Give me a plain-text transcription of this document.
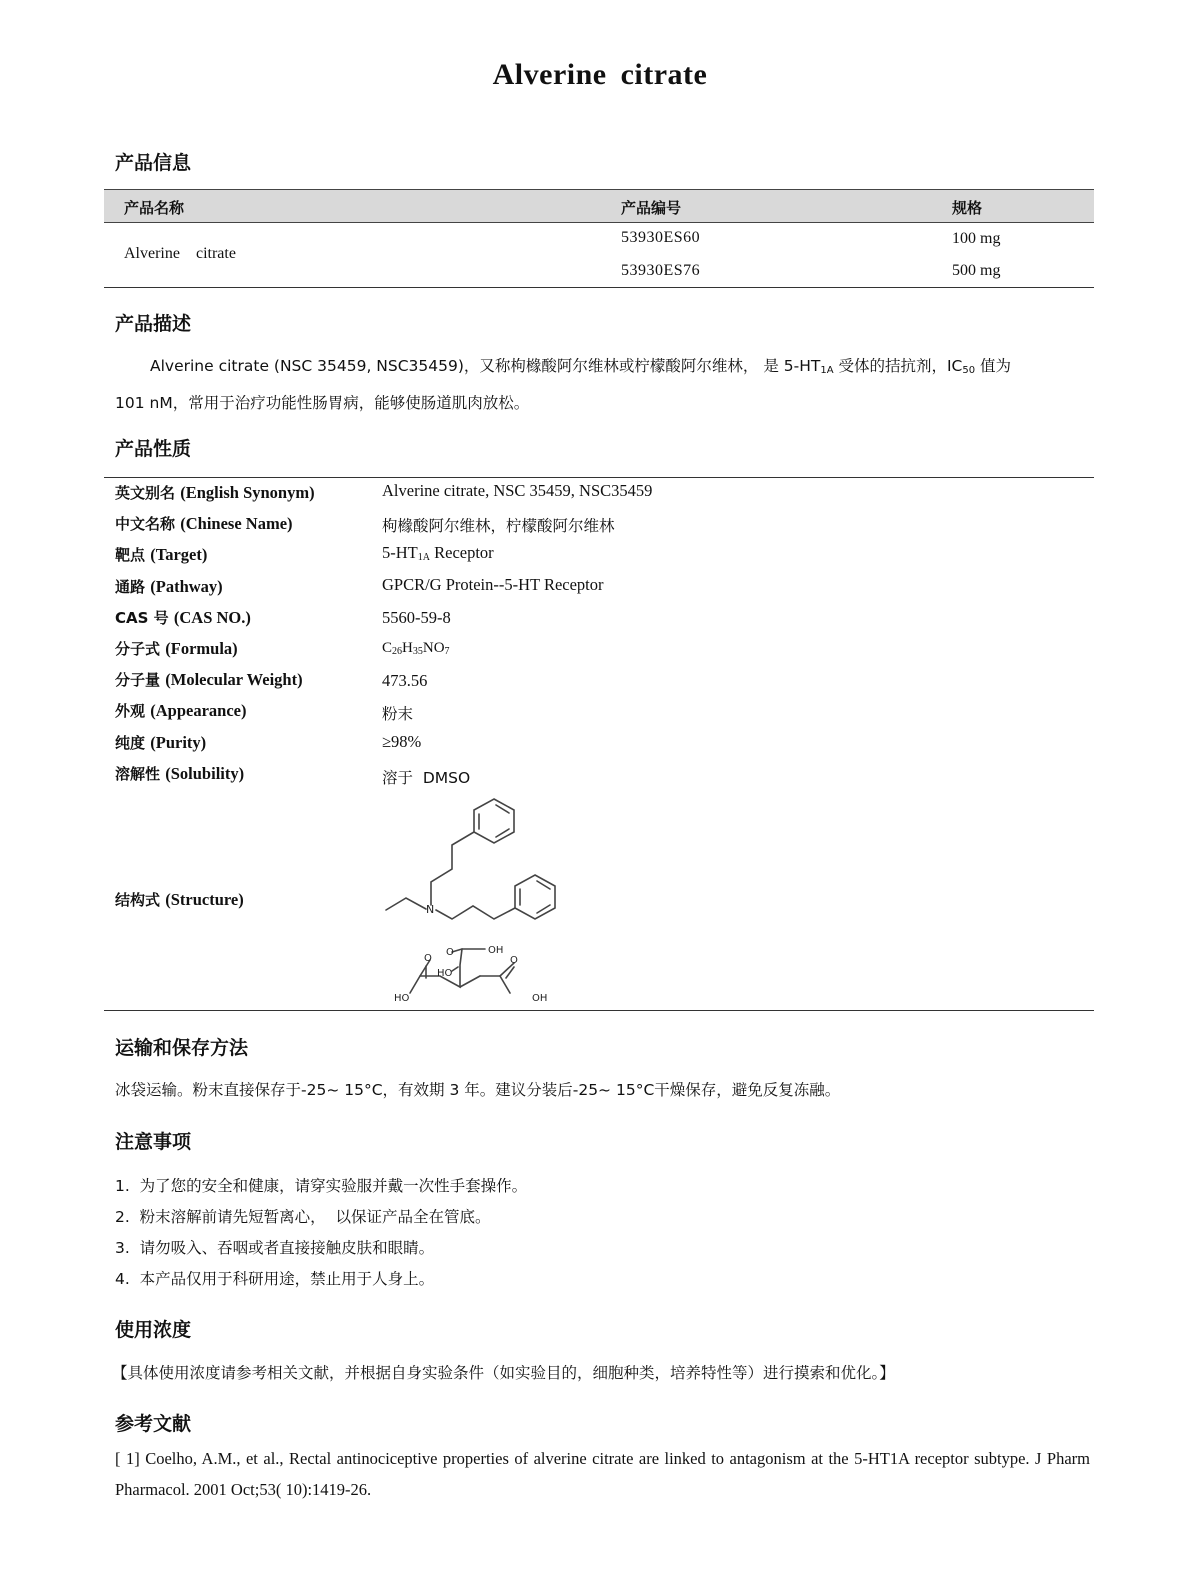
Alverine citrate
产品信息
产品名称	产品编号	规格
Alverine    citrate
53930ES60	100 mg
53930ES76	500 mg
产品描述
Alverine citrate (NSC 35459, NSC35459)，又称枸橼酸阿尔维林或柠檬酸阿尔维林， 是 $5-HT_{1A}$ 受体的拮抗剂，$IC_{50}$ 值为
101 nM，常用于治疗功能性肠胃病，能够使肠道肌肉放松。
产品性质
英文别名 (English Synonym)	Alverine citrate, NSC 35459, NSC35459
中文名称 (Chinese Name)	枸橼酸阿尔维林，柠檬酸阿尔维林
靶点 (Target)	$5-HT_{1A}$ Receptor
通路 (Pathway)	GPCR/G Protein--5-HT Receptor
CAS 号 (CAS NO.)	5560-59-8
分子式 (Formula)	$C_{26}H_{35}NO_7$
分子量 (Molecular Weight)	473.56
外观 (Appearance)	粉末
纯度 (Purity)	≥98%
溶解性 (Solubility)	溶于  DMSO
结构式 (Structure)
N
OH
O
O	O
HO
HO	OH
运输和保存方法
冰袋运输。粉末直接保存于-25~ 15°C，有效期 3 年。建议分装后-25~ 15°C干燥保存，避免反复冻融。
注意事项
1.  为了您的安全和健康，请穿实验服并戴一次性手套操作。
2.  粉末溶解前请先短暂离心，  以保证产品全在管底。
3.  请勿吸入、吞咽或者直接接触皮肤和眼睛。
4.  本产品仅用于科研用途，禁止用于人身上。
使用浓度
【具体使用浓度请参考相关文献，并根据自身实验条件（如实验目的，细胞种类，培养特性等）进行摸索和优化。】
参考文献
[ 1] Coelho, A.M., et al., Rectal antinociceptive properties of alverine citrate are linked to antagonism at the 5-HT1A receptor subtype. J Pharm Pharmacol. 2001 Oct;53( 10):1419-26.
